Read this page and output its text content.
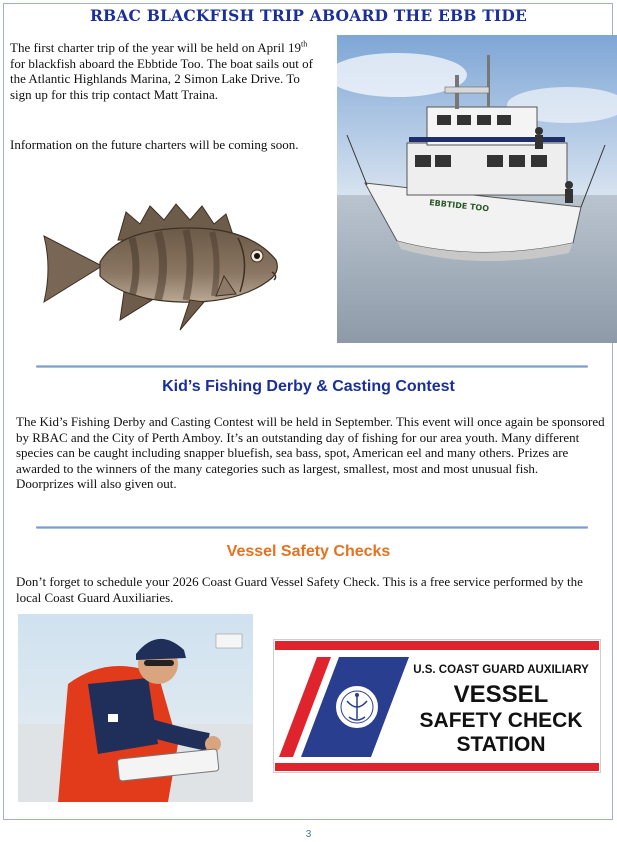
RBAC BLACKFISH TRIP ABOARD THE EBB TIDE

The first charter trip of the year will be held on April 19th for blackfish aboard the Ebbtide Too. The boat sails out of the Atlantic Highlands Marina, 2 Simon Lake Drive. To sign up for this trip contact Matt Traina.

Information on the future charters will be coming soon.

EBBTIDE TOO
Kid’s Fishing Derby & Casting Contest

The Kid’s Fishing Derby and Casting Contest will be held in September. This event will once again be sponsored by RBAC and the City of Perth Amboy. It’s an outstanding day of fishing for our area youth. Many different species can be caught including snapper bluefish, sea bass, spot, American eel and many others. Prizes are awarded to the winners of the many categories such as largest, smallest, most and most unusual fish.
Doorprizes will also given out.

Vessel Safety Checks

Don’t forget to schedule your 2026 Coast Guard Vessel Safety Check. This is a free service performed by the local Coast Guard Auxiliaries.

U.S. COAST GUARD AUXILIARY
VESSEL
SAFETY CHECK
STATION
3
